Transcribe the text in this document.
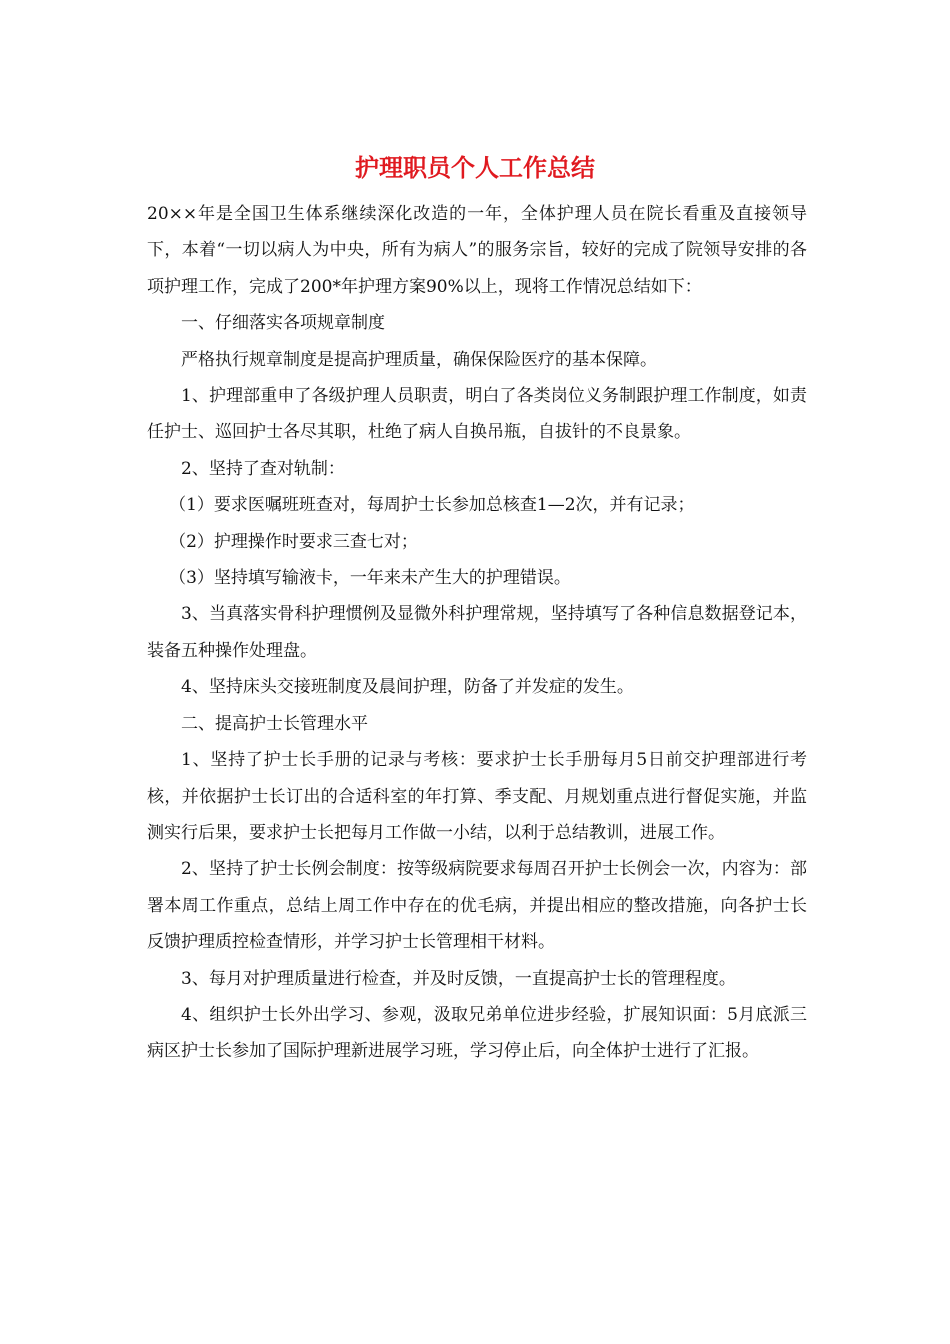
护理职员个人工作总结

20××年是全国卫生体系继续深化改造的一年，全体护理人员在院长看重及直接领导下，本着“一切以病人为中央，所有为病人”的服务宗旨，较好的完成了院领导安排的各项护理工作，完成了200*年护理方案90%以上，现将工作情况总结如下：

一、仔细落实各项规章制度

严格执行规章制度是提高护理质量，确保保险医疗的基本保障。

1、护理部重申了各级护理人员职责，明白了各类岗位义务制跟护理工作制度，如责任护士、巡回护士各尽其职，杜绝了病人自换吊瓶，自拔针的不良景象。

2、坚持了查对轨制：

（1）要求医嘱班班查对，每周护士长参加总核查1—2次，并有记录；

（2）护理操作时要求三查七对；

（3）坚持填写输液卡，一年来未产生大的护理错误。

3、当真落实骨科护理惯例及显微外科护理常规，坚持填写了各种信息数据登记本，装备五种操作处理盘。

4、坚持床头交接班制度及晨间护理，防备了并发症的发生。

二、提高护士长管理水平

1、坚持了护士长手册的记录与考核：要求护士长手册每月5日前交护理部进行考核，并依据护士长订出的合适科室的年打算、季支配、月规划重点进行督促实施，并监测实行后果，要求护士长把每月工作做一小结，以利于总结教训，进展工作。

2、坚持了护士长例会制度：按等级病院要求每周召开护士长例会一次，内容为：部署本周工作重点，总结上周工作中存在的优毛病，并提出相应的整改措施，向各护士长反馈护理质控检查情形，并学习护士长管理相干材料。

3、每月对护理质量进行检查，并及时反馈，一直提高护士长的管理程度。

4、组织护士长外出学习、参观，汲取兄弟单位进步经验，扩展知识面：5月底派三病区护士长参加了国际护理新进展学习班，学习停止后，向全体护士进行了汇报。
